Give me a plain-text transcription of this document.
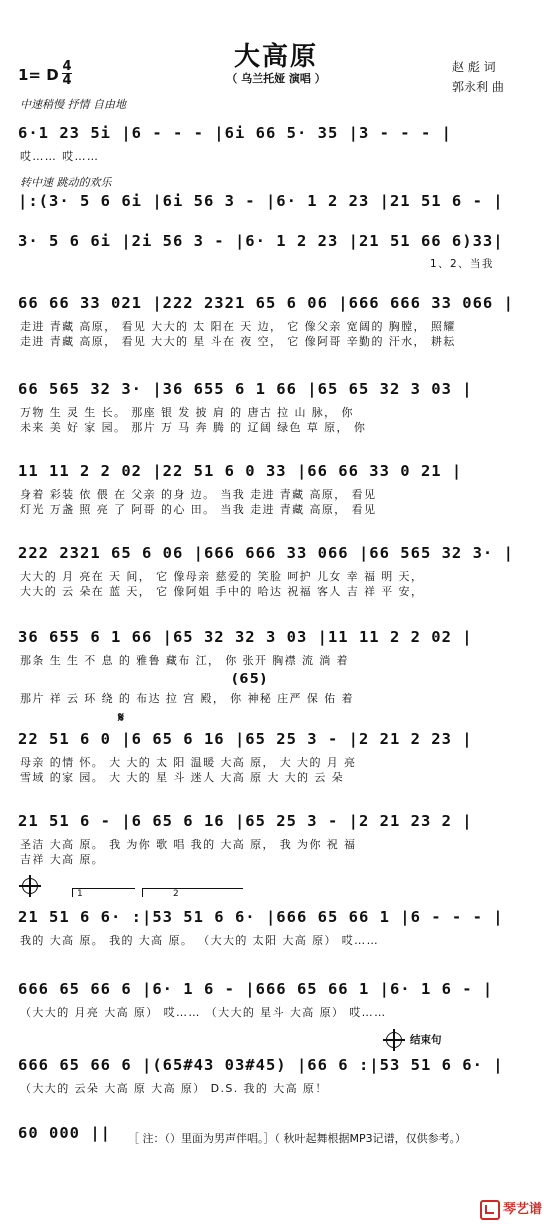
大高原
（ 乌兰托娅 演唱 ）
赵 彪 词
郭永利 曲
1= D 4
4
中速稍慢 抒情 自由地
转中速 跳动的欢乐
6·1 23 5i |6 - - - |6i 66 5· 35 |3 - - - |
哎…… 哎……
|:(3· 5 6 6i |6i 56 3 - |6· 1 2 23 |21 51 6 - |
3· 5 6 6i |2i 56 3 - |6· 1 2 23 |21 51 66 6)33|
1、2、当我
66 66 33 021 |222 2321 65 6 06 |666 666 33 066 |
走进 青藏 高原， 看见 大大的 太 阳在 天 边， 它 像父亲 宽阔的 胸膛， 照耀
走进 青藏 高原， 看见 大大的 星 斗在 夜 空， 它 像阿哥 辛勤的 汗水， 耕耘
66 565 32 3· |36 655 6 1 66 |65 65 32 3 03 |
万物 生 灵 生 长。 那座 银 发 披 肩 的 唐古 拉 山 脉， 你
未来 美 好 家 园。 那片 万 马 奔 腾 的 辽阔 绿色 草 原， 你
11 11 2 2 02 |22 51 6 0 33 |66 66 33 0 21 |
身着 彩装 依 偎 在 父亲 的身 边。 当我 走进 青藏 高原， 看见
灯光 万盏 照 亮 了 阿哥 的心 田。 当我 走进 青藏 高原， 看见
222 2321 65 6 06 |666 666 33 066 |66 565 32 3· |
大大的 月 亮在 天 间， 它 像母亲 慈爱的 笑脸 呵护 儿女 幸 福 明 天，
大大的 云 朵在 蓝 天， 它 像阿姐 手中的 哈达 祝福 客人 吉 祥 平 安，
36 655 6 1 66 |65 32 32 3 03 |11 11 2 2 02 |
那条 生 生 不 息 的 雅鲁 藏布 江， 你 张开 胸襟 流 淌 着
(65)
那片 祥 云 环 绕 的 布达 拉 宫 殿， 你 神秘 庄严 保 佑 着
𝄋
22 51 6 0 |6 65 6 16 |65 25 3 - |2 21 2 23 |
母亲 的情 怀。 大 大的 太 阳 温暖 大高 原， 大 大的 月 亮
雪域 的家 园。 大 大的 星 斗 迷人 大高 原 大 大的 云 朵
21 51 6 - |6 65 6 16 |65 25 3 - |2 21 23 2 |
圣洁 大高 原。 我 为你 歌 唱 我的 大高 原， 我 为你 祝 福
吉祥 大高 原。
1	2
21 51 6 6· :|53 51 6 6· |666 65 66 1 |6 - - - |
我的 大高 原。 我的 大高 原。 （大大的 太阳 大高 原） 哎……
666 65 66 6 |6· 1 6 - |666 65 66 1 |6· 1 6 - |
（大大的 月亮 大高 原） 哎…… （大大的 星斗 大高 原） 哎……
结束句
666 65 66 6 |(65#43 03#45) |66 6 :|53 51 6 6· |
（大大的 云朵 大高 原 大高 原） D.S. 我的 大高 原！
60 000 ||	［ 注：（）里面为男声伴唱。］（ 秋叶起舞根据MP3记谱，仅供参考。）
琴艺谱
